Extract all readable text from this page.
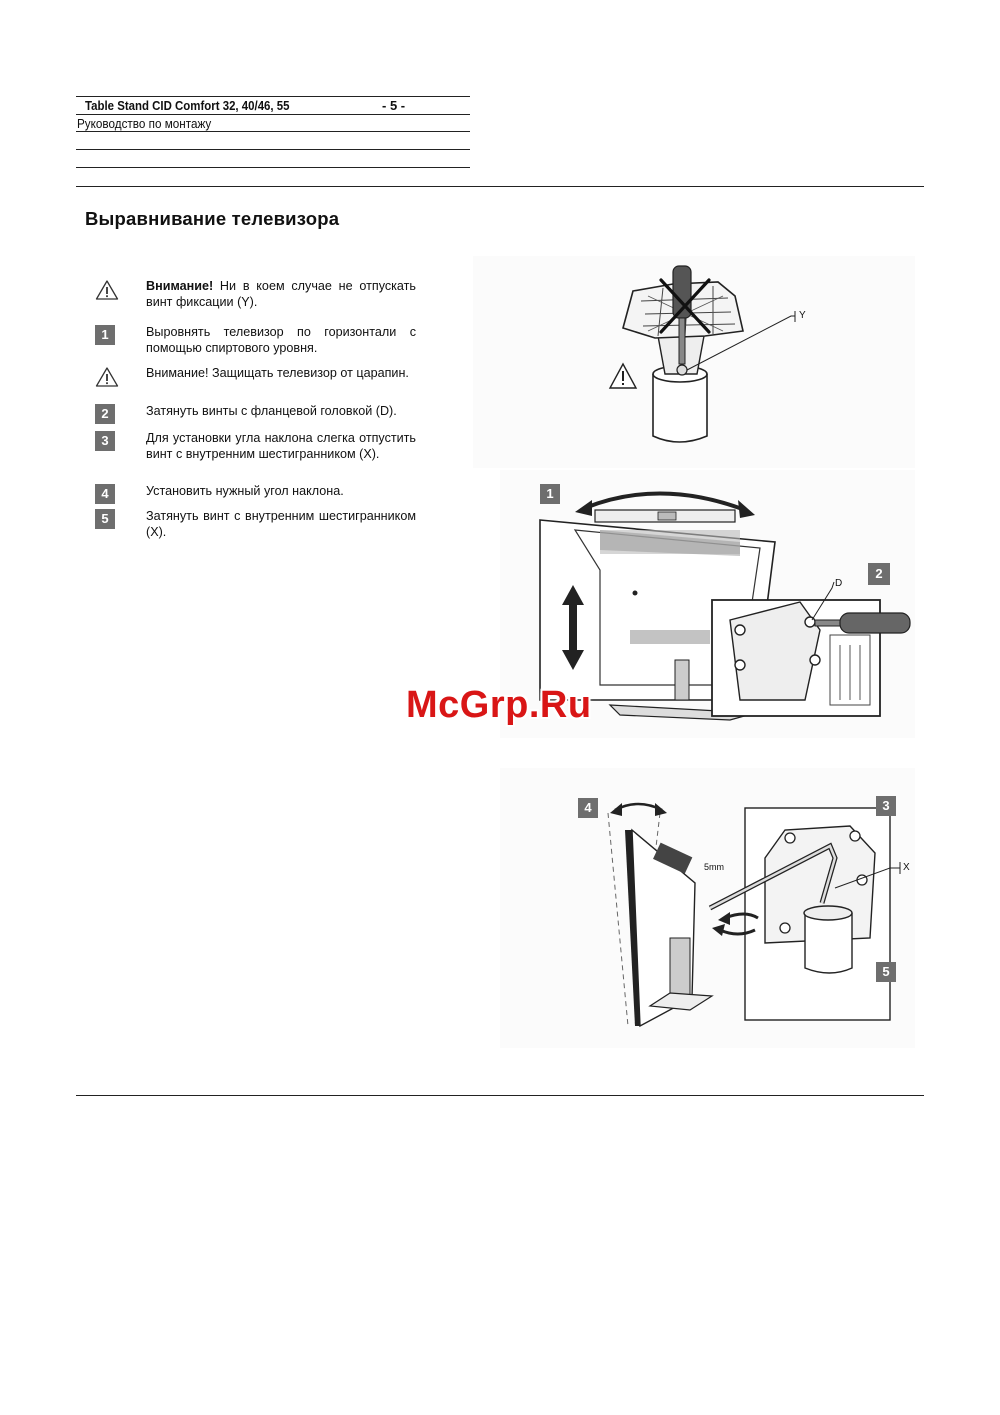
Table Stand CID Comfort 32, 40/46, 55	- 5 -
Руководство по монтажу
Выравнивание телевизора
Внимание! Ни в коем случае не отпускать винт фиксации (Y).
1	Выровнять телевизор по горизонтали с помощью спиртового уровня.
Внимание! Защищать телевизор от царапин.
2	Затянуть винты с фланцевой головкой (D).
3	Для установки угла наклона слегка отпустить винт с внутренним шестигранником (X).
4	Установить нужный угол наклона.
5	Затянуть винт с внутренним шестигранником (X).
Y
1
2
D
McGrp.Ru
4	3
5
X
5mm
